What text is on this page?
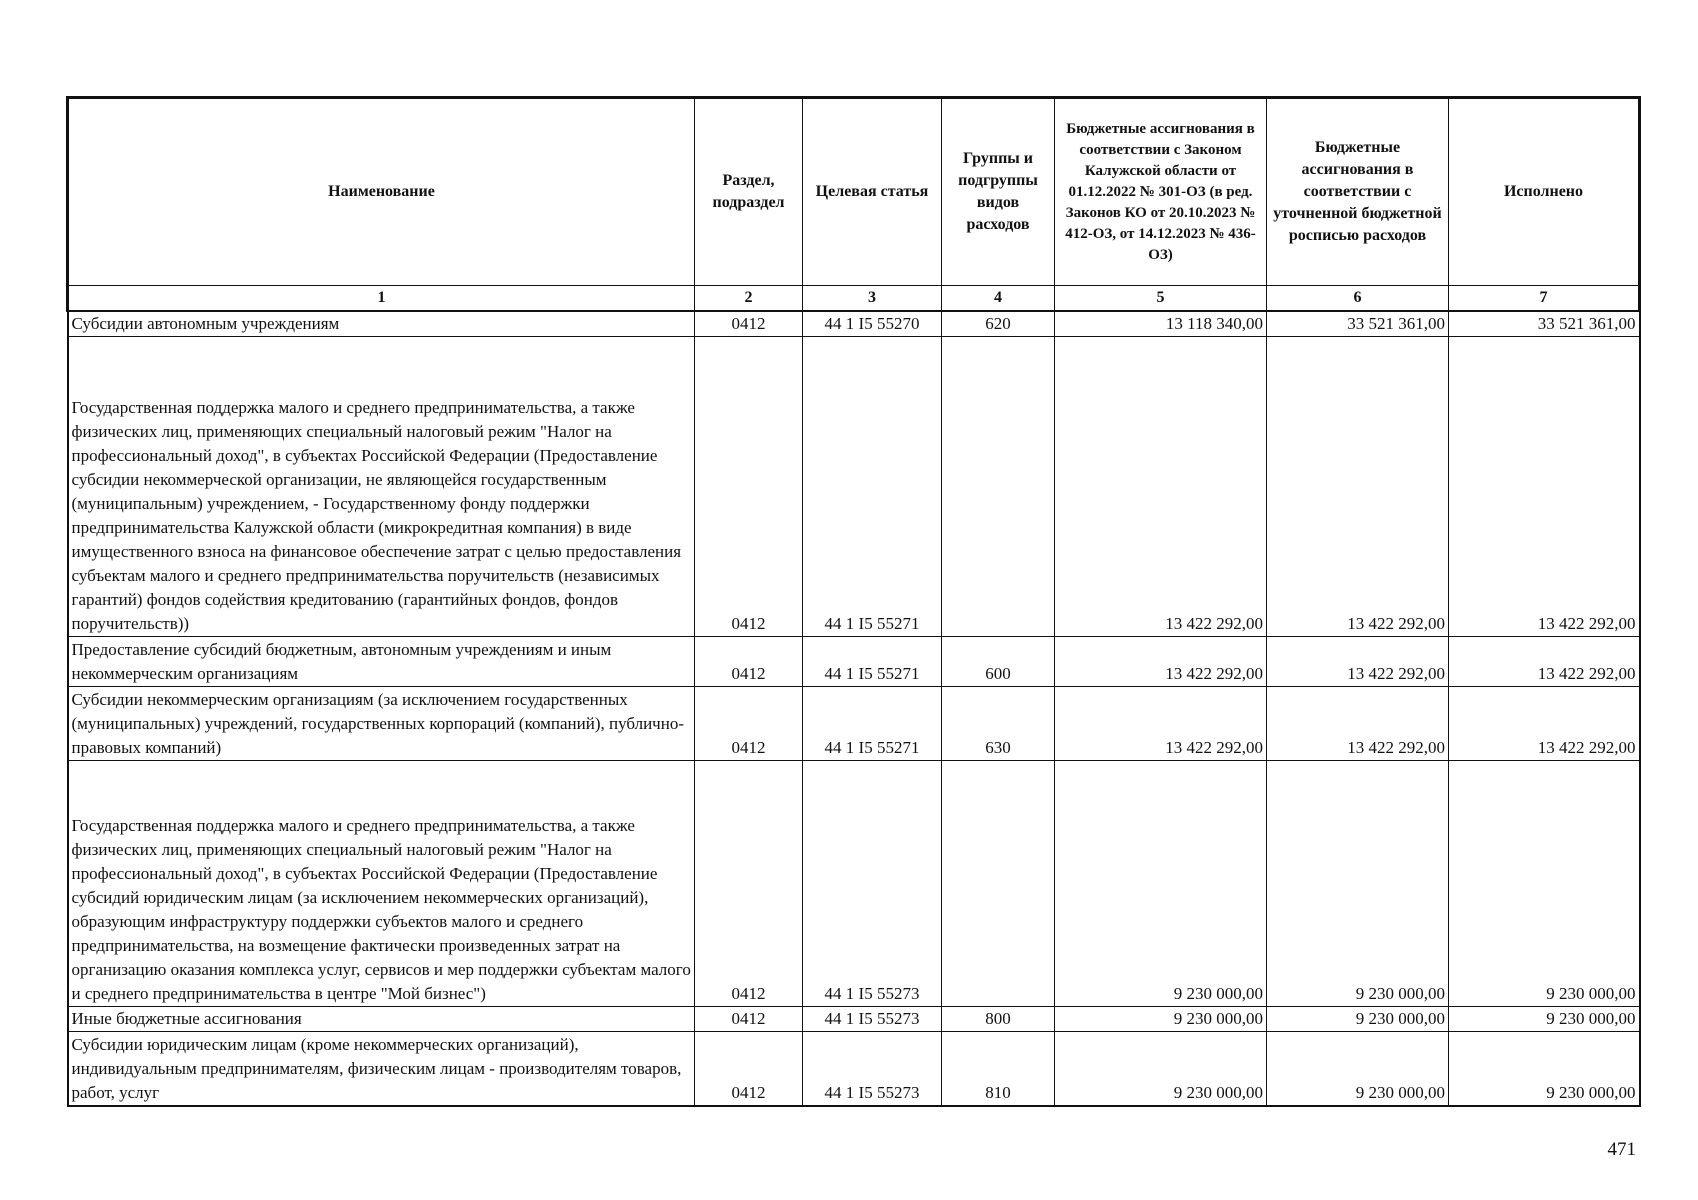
Наименование	Раздел, подраздел	Целевая статья	Группы и подгруппы видов расходов	Бюджетные ассигнования в соответствии с Законом Калужской области от 01.12.2022 № 301-ОЗ (в ред. Законов КО от 20.10.2023 № 412-ОЗ, от 14.12.2023 № 436-ОЗ)	Бюджетные ассигнования в соответствии с уточненной бюджетной росписью расходов	Исполнено
1	2	3	4	5	6	7
Субсидии автономным учреждениям	0412	44 1 I5 55270	620	13 118 340,00	33 521 361,00	33 521 361,00
Государственная поддержка малого и среднего предпринимательства, а также физических лиц, применяющих специальный налоговый режим "Налог на профессиональный доход", в субъектах Российской Федерации (Предоставление субсидии некоммерческой организации, не являющейся государственным (муниципальным) учреждением, - Государственному фонду поддержки предпринимательства Калужской области (микрокредитная компания) в виде имущественного взноса на финансовое обеспечение затрат с целью предоставления субъектам малого и среднего предпринимательства поручительств (независимых гарантий) фондов содействия кредитованию (гарантийных фондов, фондов поручительств))	0412	44 1 I5 55271		13 422 292,00	13 422 292,00	13 422 292,00
Предоставление субсидий бюджетным, автономным учреждениям и иным некоммерческим организациям	0412	44 1 I5 55271	600	13 422 292,00	13 422 292,00	13 422 292,00
Субсидии некоммерческим организациям (за исключением государственных (муниципальных) учреждений, государственных корпораций (компаний), публично-правовых компаний)	0412	44 1 I5 55271	630	13 422 292,00	13 422 292,00	13 422 292,00
Государственная поддержка малого и среднего предпринимательства, а также физических лиц, применяющих специальный налоговый режим "Налог на профессиональный доход", в субъектах Российской Федерации (Предоставление субсидий юридическим лицам (за исключением некоммерческих организаций), образующим инфраструктуру поддержки субъектов малого и среднего предпринимательства, на возмещение фактически произведенных затрат на организацию оказания комплекса услуг, сервисов и мер поддержки субъектам малого и среднего предпринимательства в центре "Мой бизнес")	0412	44 1 I5 55273		9 230 000,00	9 230 000,00	9 230 000,00
Иные бюджетные ассигнования	0412	44 1 I5 55273	800	9 230 000,00	9 230 000,00	9 230 000,00
Субсидии юридическим лицам (кроме некоммерческих организаций), индивидуальным предпринимателям, физическим лицам - производителям товаров, работ, услуг	0412	44 1 I5 55273	810	9 230 000,00	9 230 000,00	9 230 000,00
471
